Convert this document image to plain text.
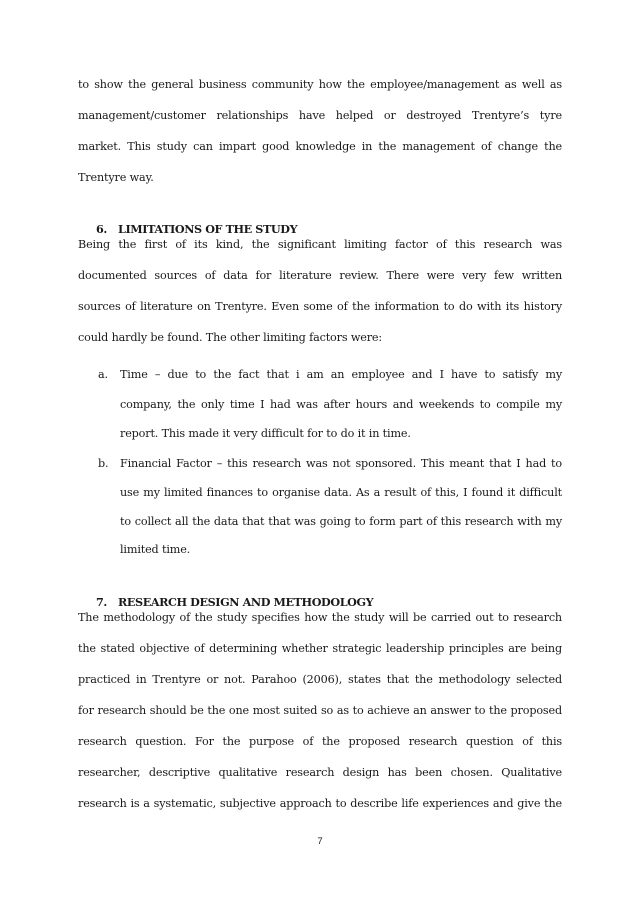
to show the general business community how the employee/management as well as
management/customer relationships have helped or destroyed Trentyre’s tyre
market. This study can impart good knowledge in the management of change the
Trentyre way.
6. LIMITATIONS OF THE STUDY
Being the first of its kind, the significant limiting factor of this research was
documented sources of data for literature review. There were very few written
sources of literature on Trentyre. Even some of the information to do with its history
could hardly be found. The other limiting factors were:
a. Time – due to the fact that i am an employee and I have to satisfy my
company, the only time I had was after hours and weekends to compile my
report. This made it very difficult for to do it in time.
b. Financial Factor – this research was not sponsored. This meant that I had to
use my limited finances to organise data. As a result of this, I found it difficult
to collect all the data that that was going to form part of this research with my
limited time.
7. RESEARCH DESIGN AND METHODOLOGY
The methodology of the study specifies how the study will be carried out to research
the stated objective of determining whether strategic leadership principles are being
practiced in Trentyre or not. Parahoo (2006), states that the methodology selected
for research should be the one most suited so as to achieve an answer to the proposed
research question. For the purpose of the proposed research question of this
researcher, descriptive qualitative research design has been chosen. Qualitative
research is a systematic, subjective approach to describe life experiences and give the
7
